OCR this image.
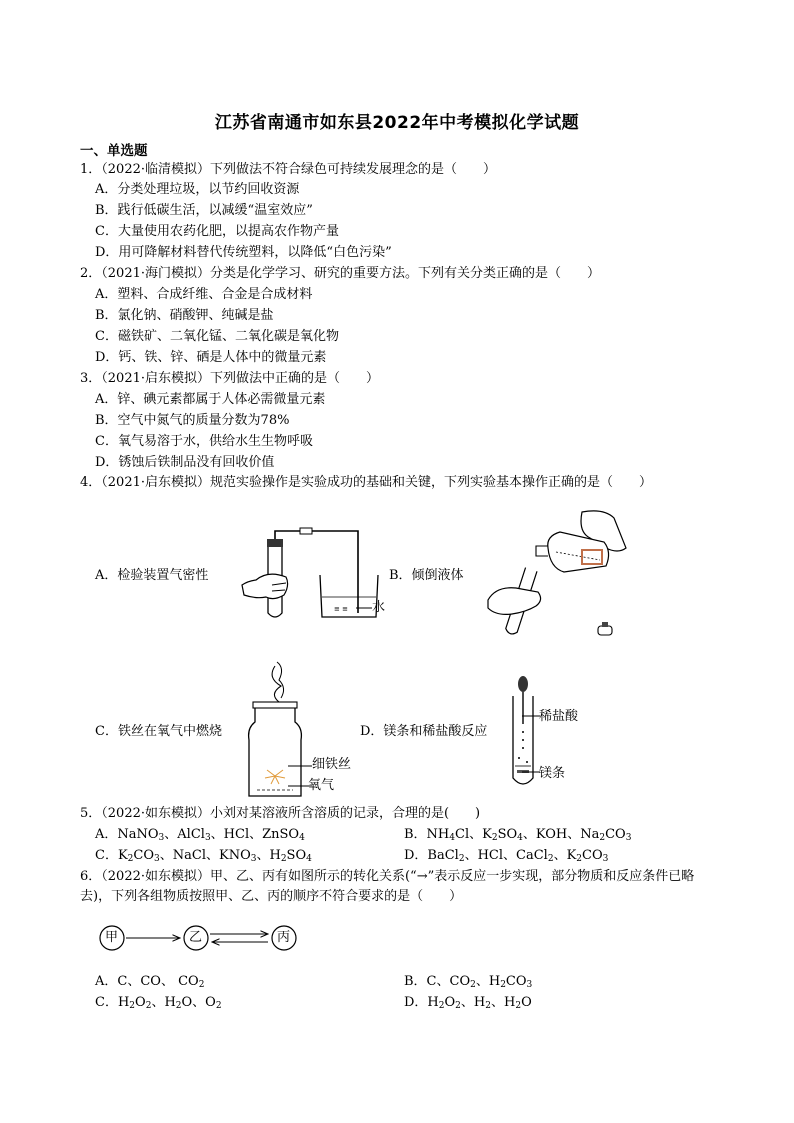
江苏省南通市如东县2022年中考模拟化学试题
一、单选题
1．（2022·临清模拟）下列做法不符合绿色可持续发展理念的是（　　）
A．分类处理垃圾，以节约回收资源
B．践行低碳生活，以减缓“温室效应”
C．大量使用农药化肥，以提高农作物产量
D．用可降解材料替代传统塑料，以降低“白色污染”
2．（2021·海门模拟）分类是化学学习、研究的重要方法。下列有关分类正确的是（　　）
A．塑料、合成纤维、合金是合成材料
B．氯化钠、硝酸钾、纯碱是盐
C．磁铁矿、二氧化锰、二氧化碳是氧化物
D．钙、铁、锌、硒是人体中的微量元素
3．（2021·启东模拟）下列做法中正确的是（　　）
A．锌、碘元素都属于人体必需微量元素
B．空气中氮气的质量分数为78%
C．氧气易溶于水，供给水生生物呼吸
D．锈蚀后铁制品没有回收价值
4．（2021·启东模拟）规范实验操作是实验成功的基础和关键，下列实验基本操作正确的是（　　）
A．检验装置气密性	B．倾倒液体
C．铁丝在氧气中燃烧	D．镁条和稀盐酸反应
≡ ≡ 水
细铁丝
氧气
稀盐酸
镁条
5．（2022·如东模拟）小刘对某溶液所含溶质的记录，合理的是(　　)
A．NaNO$_3$、AlCl$_3$、HCl、ZnSO$_4$	B．$NH_4Cl$、$K_2SO_4$、KOH、$Na_2CO_3$
C．$K_2CO_3$、NaCl、$KNO_3$、$H_2SO_4$	D．BaCl$_2$、HCl、CaCl$_2$、$K_2CO_3$
6．（2022·如东模拟）甲、乙、丙有如图所示的转化关系(“→”表示反应一步实现，部分物质和反应条件已略去)，下列各组物质按照甲、乙、丙的顺序不符合要求的是（　　）
甲	乙	丙
A．C、CO、 $CO_2$	B．C、$CO_2$、$H_2CO_3$
C．$H_2O_2$、$H_2O$、$O_2$	D．$H_2O_2$、$H_2$、$H_2O$
